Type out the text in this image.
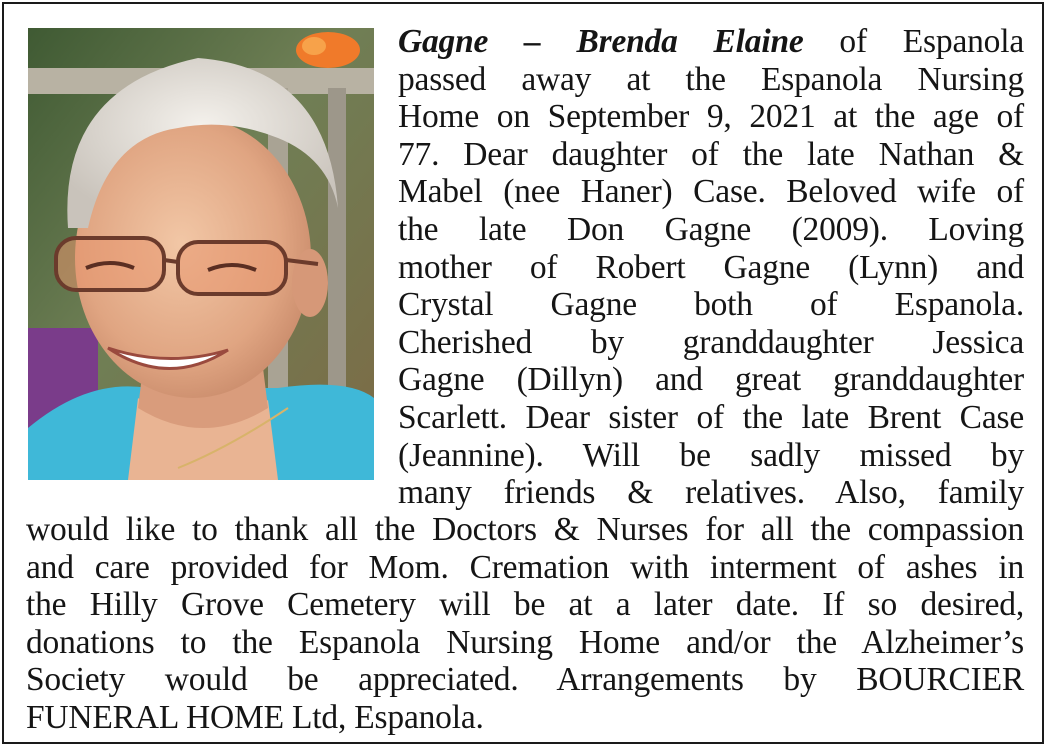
Gagne – Brenda Elaine of Espanola
passed away at the Espanola Nursing
Home on September 9, 2021 at the age of
77. Dear daughter of the late Nathan &
Mabel (nee Haner) Case. Beloved wife of
the late Don Gagne (2009). Loving
mother of Robert Gagne (Lynn) and
Crystal Gagne both of Espanola.
Cherished by granddaughter Jessica
Gagne (Dillyn) and great granddaughter
Scarlett. Dear sister of the late Brent Case
(Jeannine). Will be sadly missed by
many friends & relatives. Also, family
would like to thank all the Doctors & Nurses for all the compassion
and care provided for Mom. Cremation with interment of ashes in
the Hilly Grove Cemetery will be at a later date. If so desired,
donations to the Espanola Nursing Home and/or the Alzheimer’s
Society would be appreciated. Arrangements by BOURCIER
FUNERAL HOME Ltd, Espanola.
